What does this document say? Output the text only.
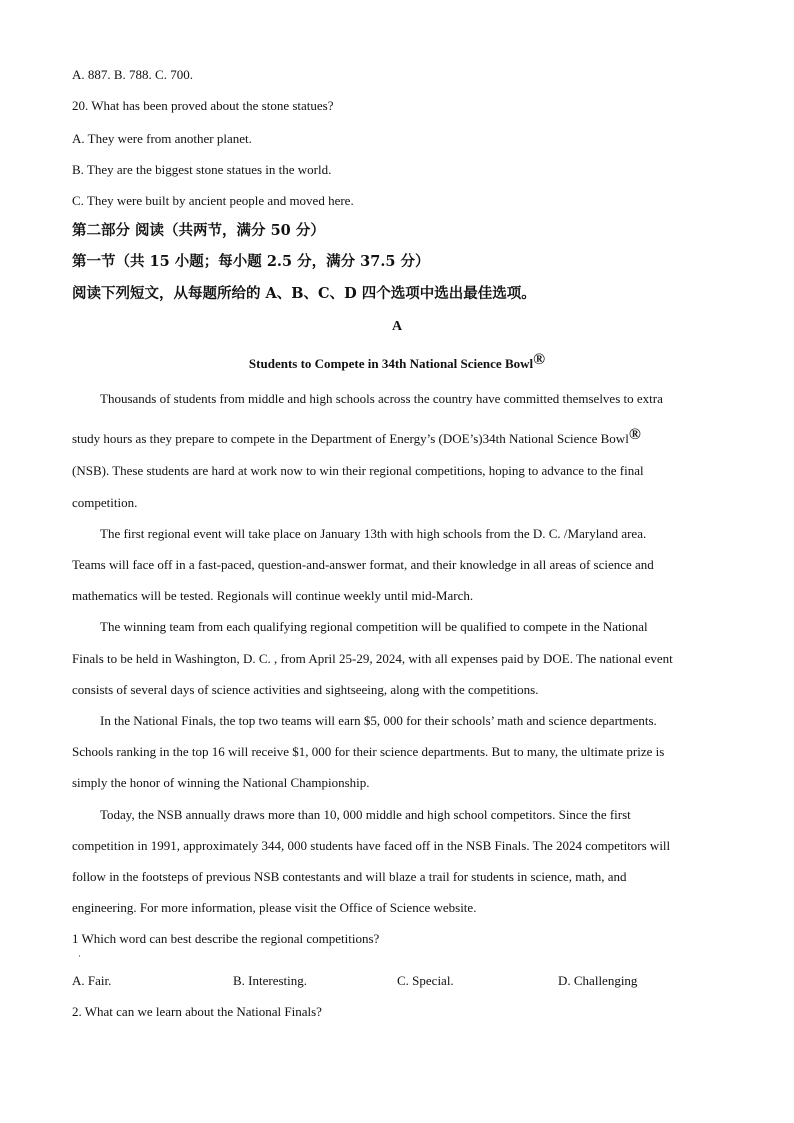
A. 887. B. 788. C. 700.
20. What has been proved about the stone statues?
A. They were from another planet.
B. They are the biggest stone statues in the world.
C. They were built by ancient people and moved here.
第二部分 阅读（共两节，满分 50 分）
第一节（共 15 小题；每小题 2.5 分，满分 37.5 分）
阅读下列短文，从每题所给的 A、B、C、D 四个选项中选出最佳选项。
A
Students to Compete in 34th National Science Bowl®
Thousands of students from middle and high schools across the country have committed themselves to extra
study hours as they prepare to compete in the Department of Energy’s (DOE’s)34th National Science Bowl®
(NSB). These students are hard at work now to win their regional competitions, hoping to advance to the final
competition.
The first regional event will take place on January 13th with high schools from the D. C. /Maryland area.
Teams will face off in a fast-paced, question-and-answer format, and their knowledge in all areas of science and
mathematics will be tested. Regionals will continue weekly until mid-March.
The winning team from each qualifying regional competition will be qualified to compete in the National
Finals to be held in Washington, D. C. , from April 25-29, 2024, with all expenses paid by DOE. The national event
consists of several days of science activities and sightseeing, along with the competitions.
In the National Finals, the top two teams will earn $5, 000 for their schools’ math and science departments.
Schools ranking in the top 16 will receive $1, 000 for their science departments. But to many, the ultimate prize is
simply the honor of winning the National Championship.
Today, the NSB annually draws more than 10, 000 middle and high school competitors. Since the first
competition in 1991, approximately 344, 000 students have faced off in the NSB Finals. The 2024 competitors will
follow in the footsteps of previous NSB contestants and will blaze a trail for students in science, math, and
engineering. For more information, please visit the Office of Science website.
1 Which word can best describe the regional competitions?
·
A. Fair.	B. Interesting.	C. Special.	D. Challenging
2. What can we learn about the National Finals?
